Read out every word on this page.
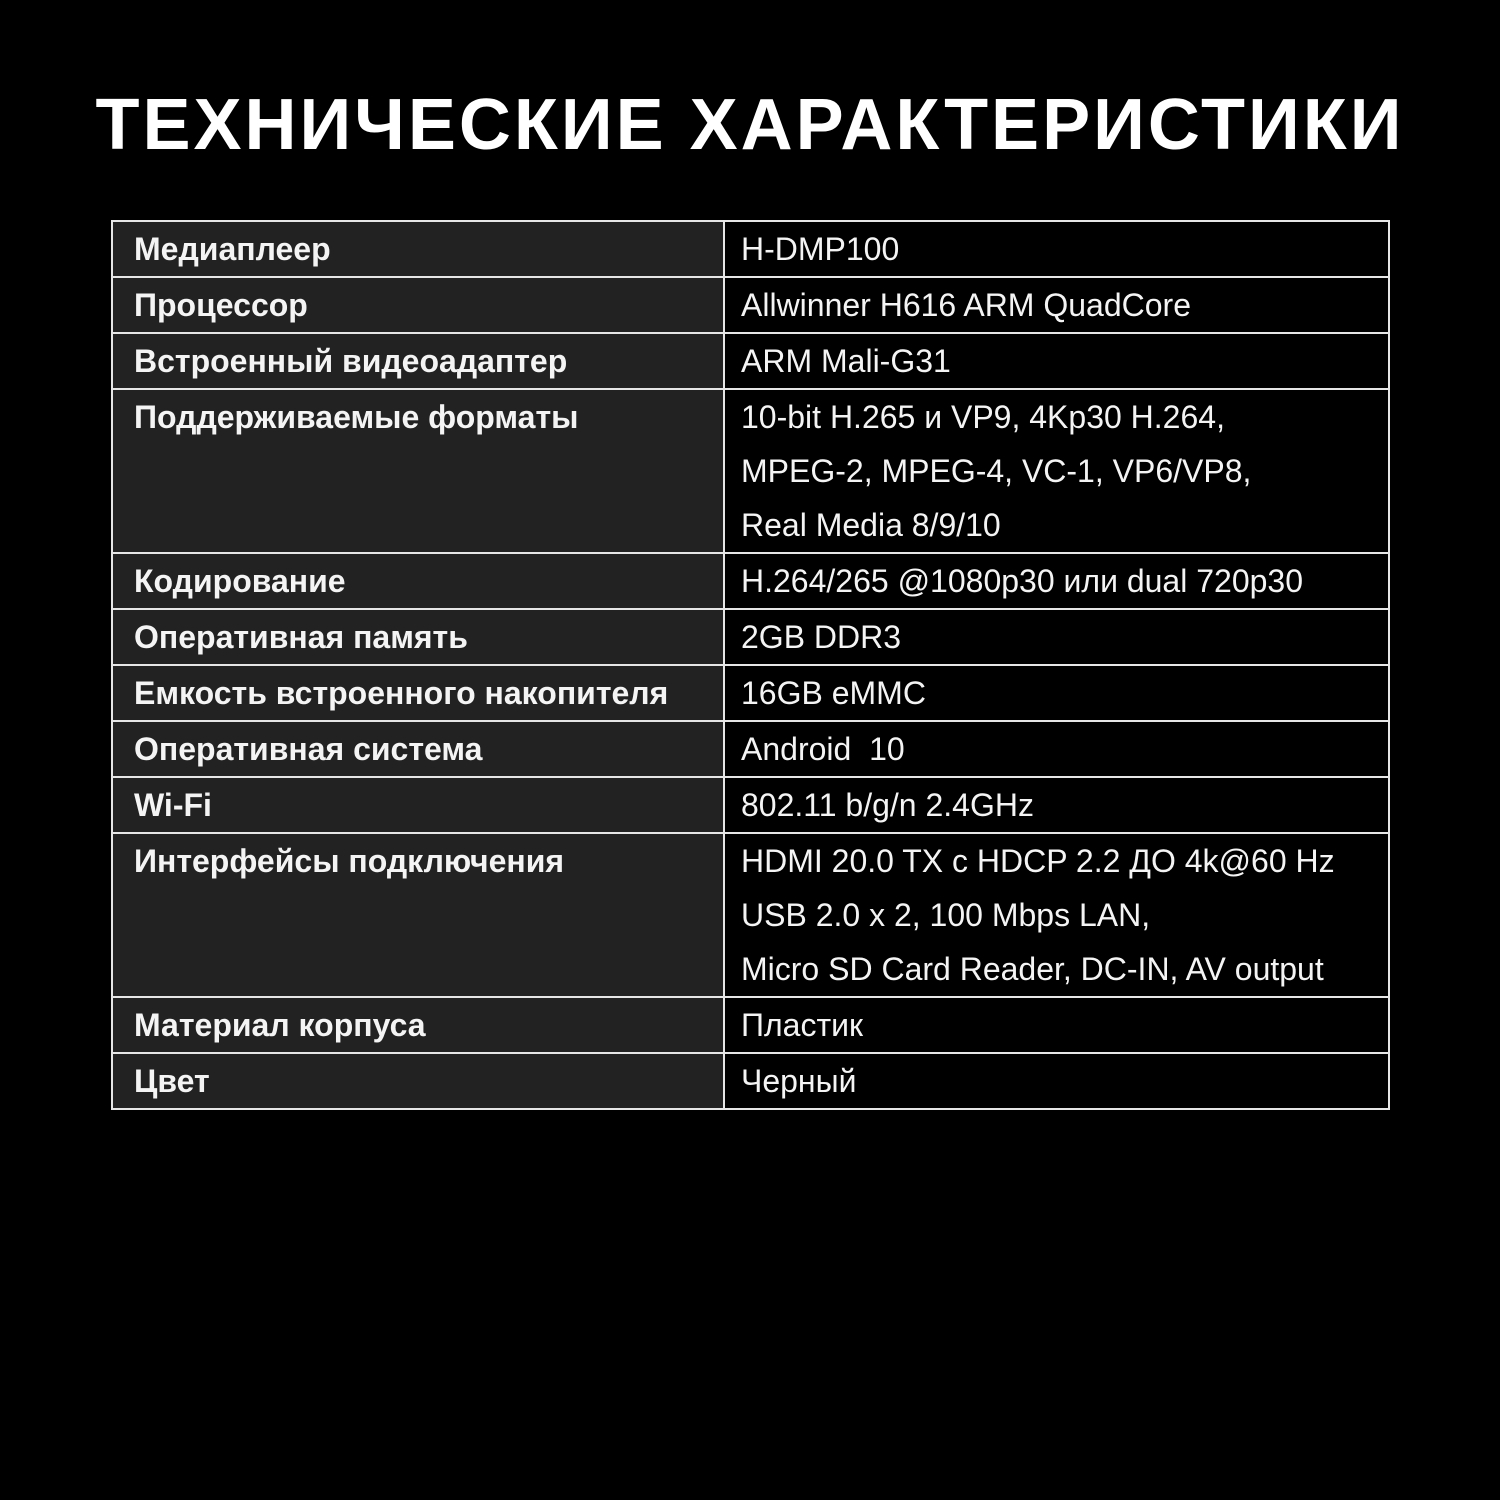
ТЕХНИЧЕСКИЕ ХАРАКТЕРИСТИКИ
Медиаплеер	H-DMP100

Процессор	Allwinner H616 ARM QuadCore

Встроенный видеоадаптер	ARM Mali-G31

Поддерживаемые форматы	10-bit H.265 и VP9, 4Kp30 H.264,
MPEG-2, MPEG-4, VC-1, VP6/VP8,
Real Media 8/9/10

Кодирование	H.264/265 @1080p30 или dual 720p30

Оперативная память	2GB DDR3

Емкость встроенного накопителя	16GB eMMC

Оперативная система	Android  10

Wi-Fi	802.11 b/g/n 2.4GHz

Интерфейсы подключения	HDMI 20.0 TX с HDCP 2.2 ДО 4k@60 Hz
USB 2.0 x 2, 100 Mbps LAN,
Micro SD Card Reader, DC-IN, AV output

Материал корпуса	Пластик

Цвет	Черный
